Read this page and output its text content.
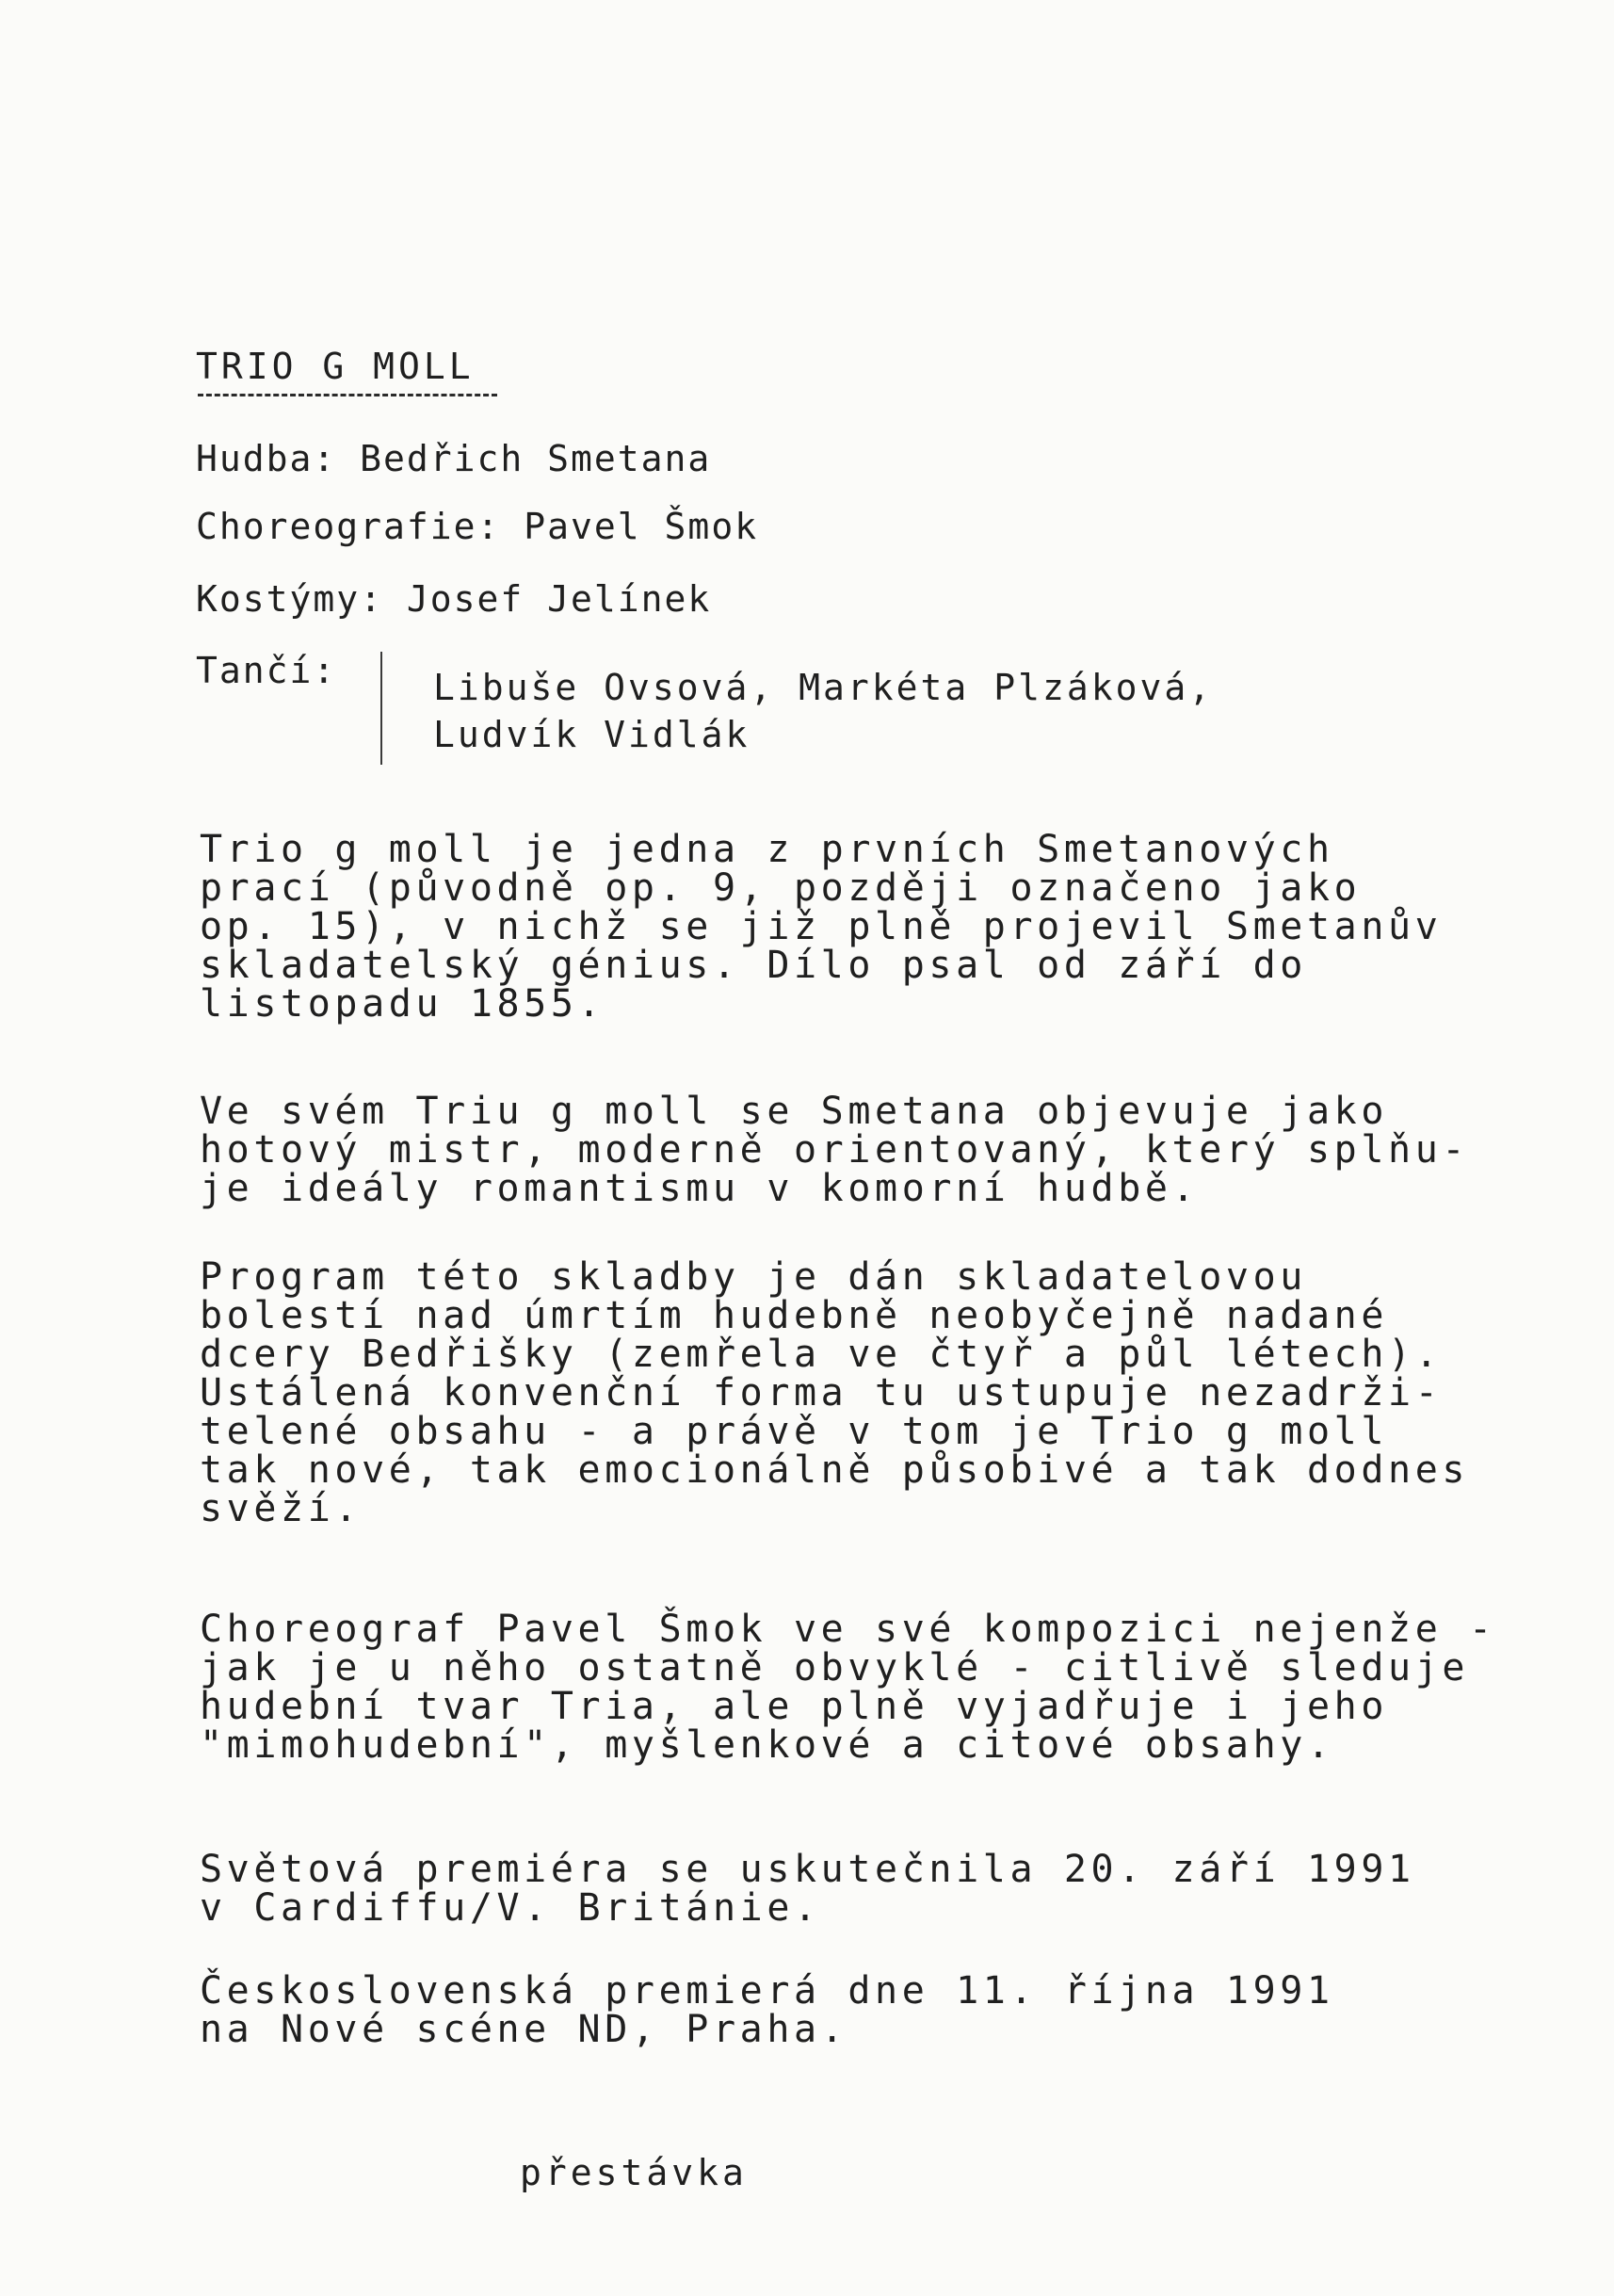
TRIO G MOLL
Hudba: Bedřich Smetana
Choreografie: Pavel Šmok
Kostýmy: Josef Jelínek
Tančí:	Libuše Ovsová, Markéta Plzáková,
Ludvík Vidlák
Trio g moll je jedna z prvních Smetanových
prací (původně op. 9, později označeno jako
op. 15), v nichž se již plně projevil Smetanův
skladatelský génius. Dílo psal od září do
listopadu 1855.
Ve svém Triu g moll se Smetana objevuje jako
hotový mistr, moderně orientovaný, který splňu-
je ideály romantismu v komorní hudbě.
Program této skladby je dán skladatelovou
bolestí nad úmrtím hudebně neobyčejně nadané
dcery Bedřišky (zemřela ve čtyř a půl létech).
Ustálená konvenční forma tu ustupuje nezadrži-
telené obsahu - a právě v tom je Trio g moll
tak nové, tak emocionálně působivé a tak dodnes
svěží.
Choreograf Pavel Šmok ve své kompozici nejenže -
jak je u něho ostatně obvyklé - citlivě sleduje
hudební tvar Tria, ale plně vyjadřuje i jeho
"mimohudební", myšlenkové a citové obsahy.
Světová premiéra se uskutečnila 20. září 1991
v Cardiffu/V. Británie.
Československá premierá dne 11. října 1991
na Nové scéne ND, Praha.
přestávka
